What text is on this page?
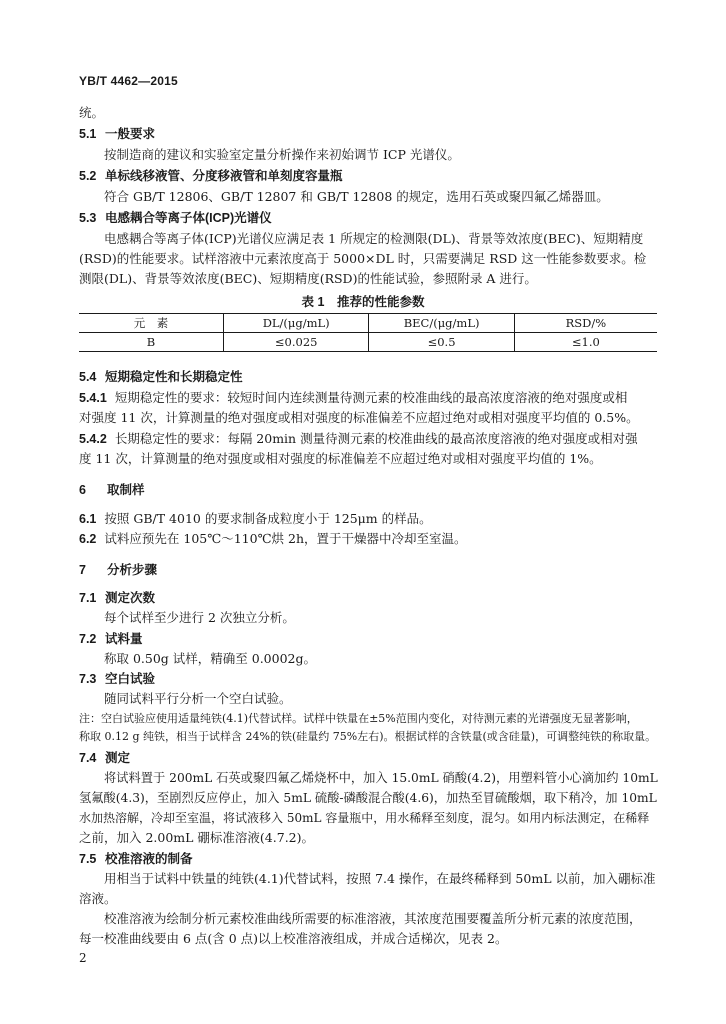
YB/T 4462—2015
统。
5.1 一般要求
按制造商的建议和实验室定量分析操作来初始调节 ICP 光谱仪。
5.2 单标线移液管、分度移液管和单刻度容量瓶
符合 GB/T 12806、GB/T 12807 和 GB/T 12808 的规定，选用石英或聚四氟乙烯器皿。
5.3 电感耦合等离子体(ICP)光谱仪
电感耦合等离子体(ICP)光谱仪应满足表 1 所规定的检测限(DL)、背景等效浓度(BEC)、短期精度
(RSD)的性能要求。试样溶液中元素浓度高于 5000×DL 时，只需要满足 RSD 这一性能参数要求。检
测限(DL)、背景等效浓度(BEC)、短期精度(RSD)的性能试验，参照附录 A 进行。
表 1　推荐的性能参数
元　素	DL/(μg/mL)	BEC/(μg/mL)	RSD/%
B	≤0.025	≤0.5	≤1.0
5.4 短期稳定性和长期稳定性
5.4.1 短期稳定性的要求：较短时间内连续测量待测元素的校准曲线的最高浓度溶液的绝对强度或相
对强度 11 次，计算测量的绝对强度或相对强度的标准偏差不应超过绝对或相对强度平均值的 0.5%。
5.4.2 长期稳定性的要求：每隔 20min 测量待测元素的校准曲线的最高浓度溶液的绝对强度或相对强
度 11 次，计算测量的绝对强度或相对强度的标准偏差不应超过绝对或相对强度平均值的 1%。
6 取制样
6.1 按照 GB/T 4010 的要求制备成粒度小于 125μm 的样品。
6.2 试料应预先在 105℃～110℃烘 2h，置于干燥器中冷却至室温。
7 分析步骤
7.1 测定次数
每个试样至少进行 2 次独立分析。
7.2 试料量
称取 0.50g 试样，精确至 0.0002g。
7.3 空白试验
随同试料平行分析一个空白试验。
注：空白试验应使用适量纯铁(4.1)代替试样。试样中铁量在±5%范围内变化，对待测元素的光谱强度无显著影响，
称取 0.12 g 纯铁，相当于试样含 24%的铁(硅量约 75%左右)。根据试样的含铁量(或含硅量)，可调整纯铁的称取量。
7.4 测定
将试料置于 200mL 石英或聚四氟乙烯烧杯中，加入 15.0mL 硝酸(4.2)，用塑料管小心滴加约 10mL
氢氟酸(4.3)，至剧烈反应停止，加入 5mL 硫酸-磷酸混合酸(4.6)，加热至冒硫酸烟，取下稍冷，加 10mL
水加热溶解，冷却至室温，将试液移入 50mL 容量瓶中，用水稀释至刻度，混匀。如用内标法测定，在稀释
之前，加入 2.00mL 硼标准溶液(4.7.2)。
7.5 校准溶液的制备
用相当于试料中铁量的纯铁(4.1)代替试料，按照 7.4 操作，在最终稀释到 50mL 以前，加入硼标准
溶液。
校准溶液为绘制分析元素校准曲线所需要的标准溶液，其浓度范围要覆盖所分析元素的浓度范围，
每一校准曲线要由 6 点(含 0 点)以上校准溶液组成，并成合适梯次，见表 2。
2
